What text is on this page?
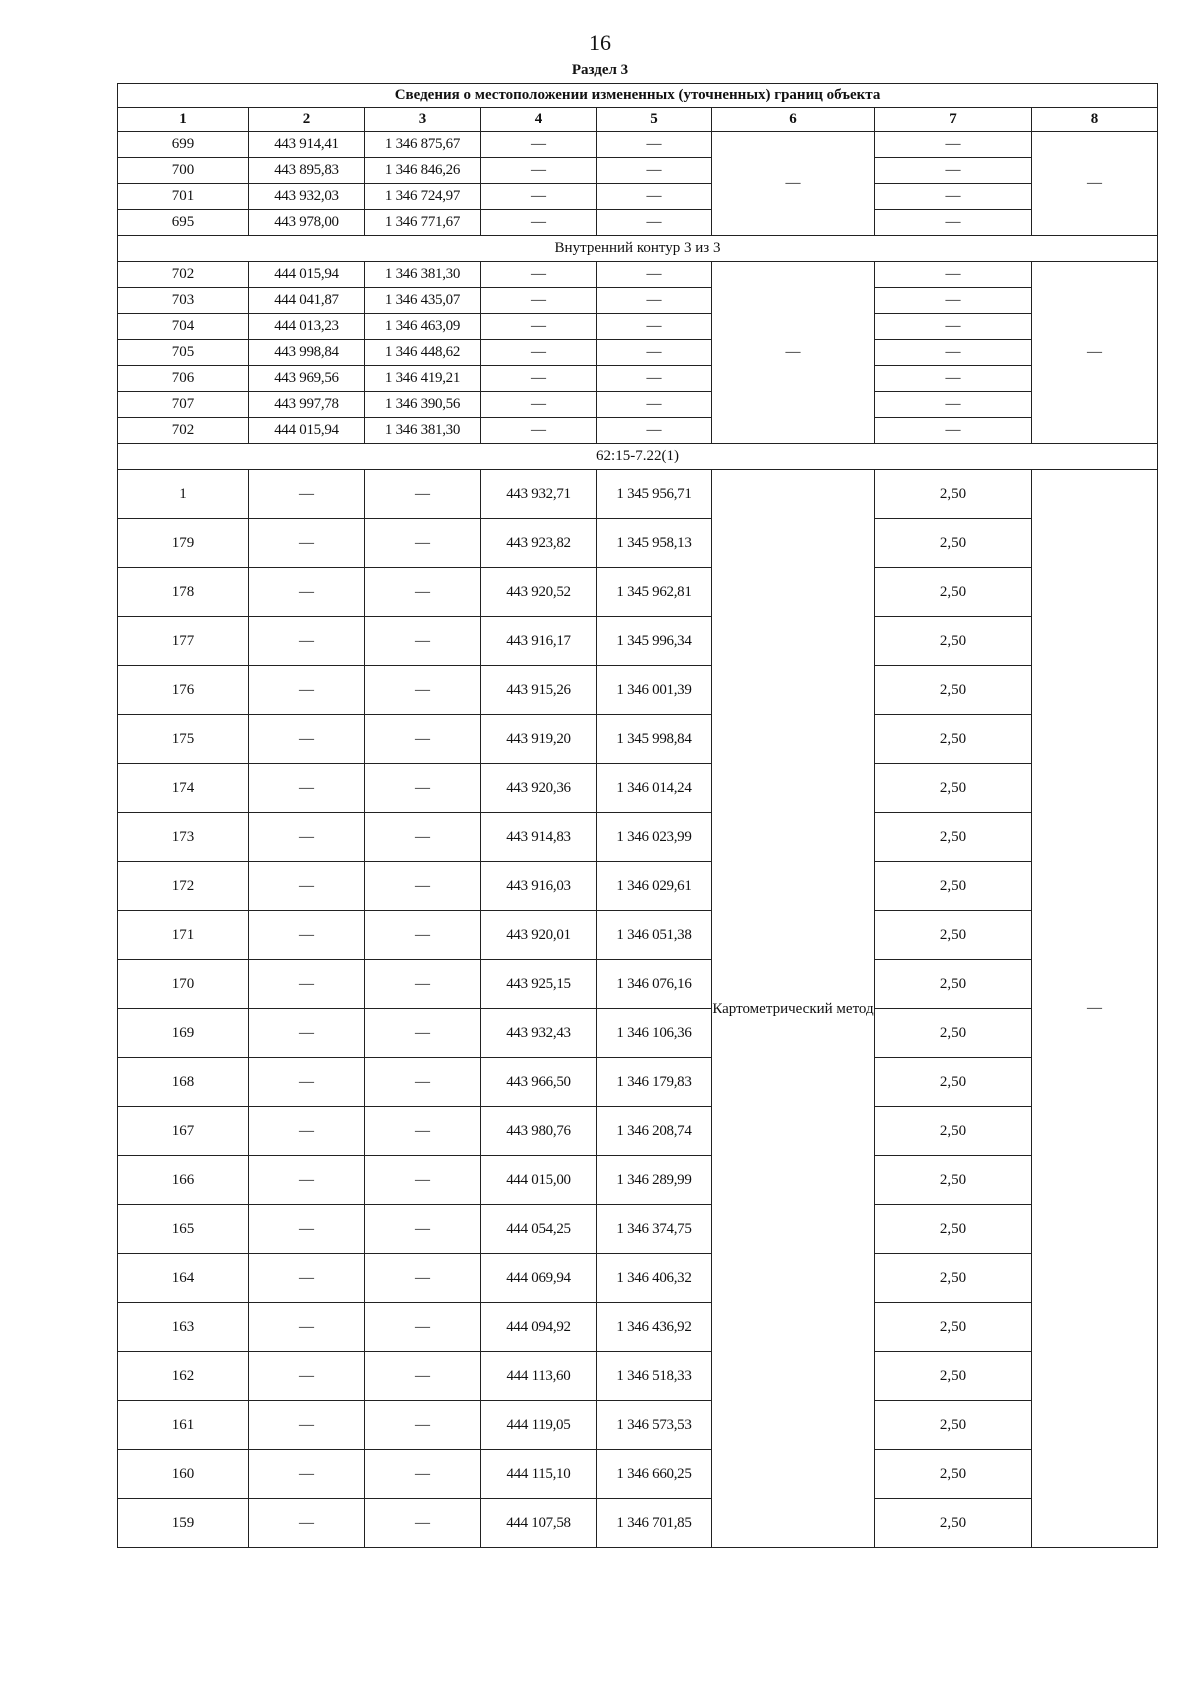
16
Раздел 3
Сведения о местоположении измененных (уточненных) границ объекта							
1	2	3	4	5	6	7	8
699	443 914,41	1 346 875,67	—	—	—	—	—
700	443 895,83	1 346 846,26	—	—		—	
701	443 932,03	1 346 724,97	—	—		—	
695	443 978,00	1 346 771,67	—	—		—	
Внутренний контур 3 из 3							
702	444 015,94	1 346 381,30	—	—	—	—	—
703	444 041,87	1 346 435,07	—	—		—	
704	444 013,23	1 346 463,09	—	—		—	
705	443 998,84	1 346 448,62	—	—		—	
706	443 969,56	1 346 419,21	—	—		—	
707	443 997,78	1 346 390,56	—	—		—	
702	444 015,94	1 346 381,30	—	—		—	
62:15-7.22(1)							
1	—	—	443 932,71	1 345 956,71	Картометрический метод	2,50	—
179	—	—	443 923,82	1 345 958,13		2,50	
178	—	—	443 920,52	1 345 962,81		2,50	
177	—	—	443 916,17	1 345 996,34		2,50	
176	—	—	443 915,26	1 346 001,39		2,50	
175	—	—	443 919,20	1 345 998,84		2,50	
174	—	—	443 920,36	1 346 014,24		2,50	
173	—	—	443 914,83	1 346 023,99		2,50	
172	—	—	443 916,03	1 346 029,61		2,50	
171	—	—	443 920,01	1 346 051,38		2,50	
170	—	—	443 925,15	1 346 076,16		2,50	
169	—	—	443 932,43	1 346 106,36		2,50	
168	—	—	443 966,50	1 346 179,83		2,50	
167	—	—	443 980,76	1 346 208,74		2,50	
166	—	—	444 015,00	1 346 289,99		2,50	
165	—	—	444 054,25	1 346 374,75		2,50	
164	—	—	444 069,94	1 346 406,32		2,50	
163	—	—	444 094,92	1 346 436,92		2,50	
162	—	—	444 113,60	1 346 518,33		2,50	
161	—	—	444 119,05	1 346 573,53		2,50	
160	—	—	444 115,10	1 346 660,25		2,50	
159	—	—	444 107,58	1 346 701,85		2,50	
